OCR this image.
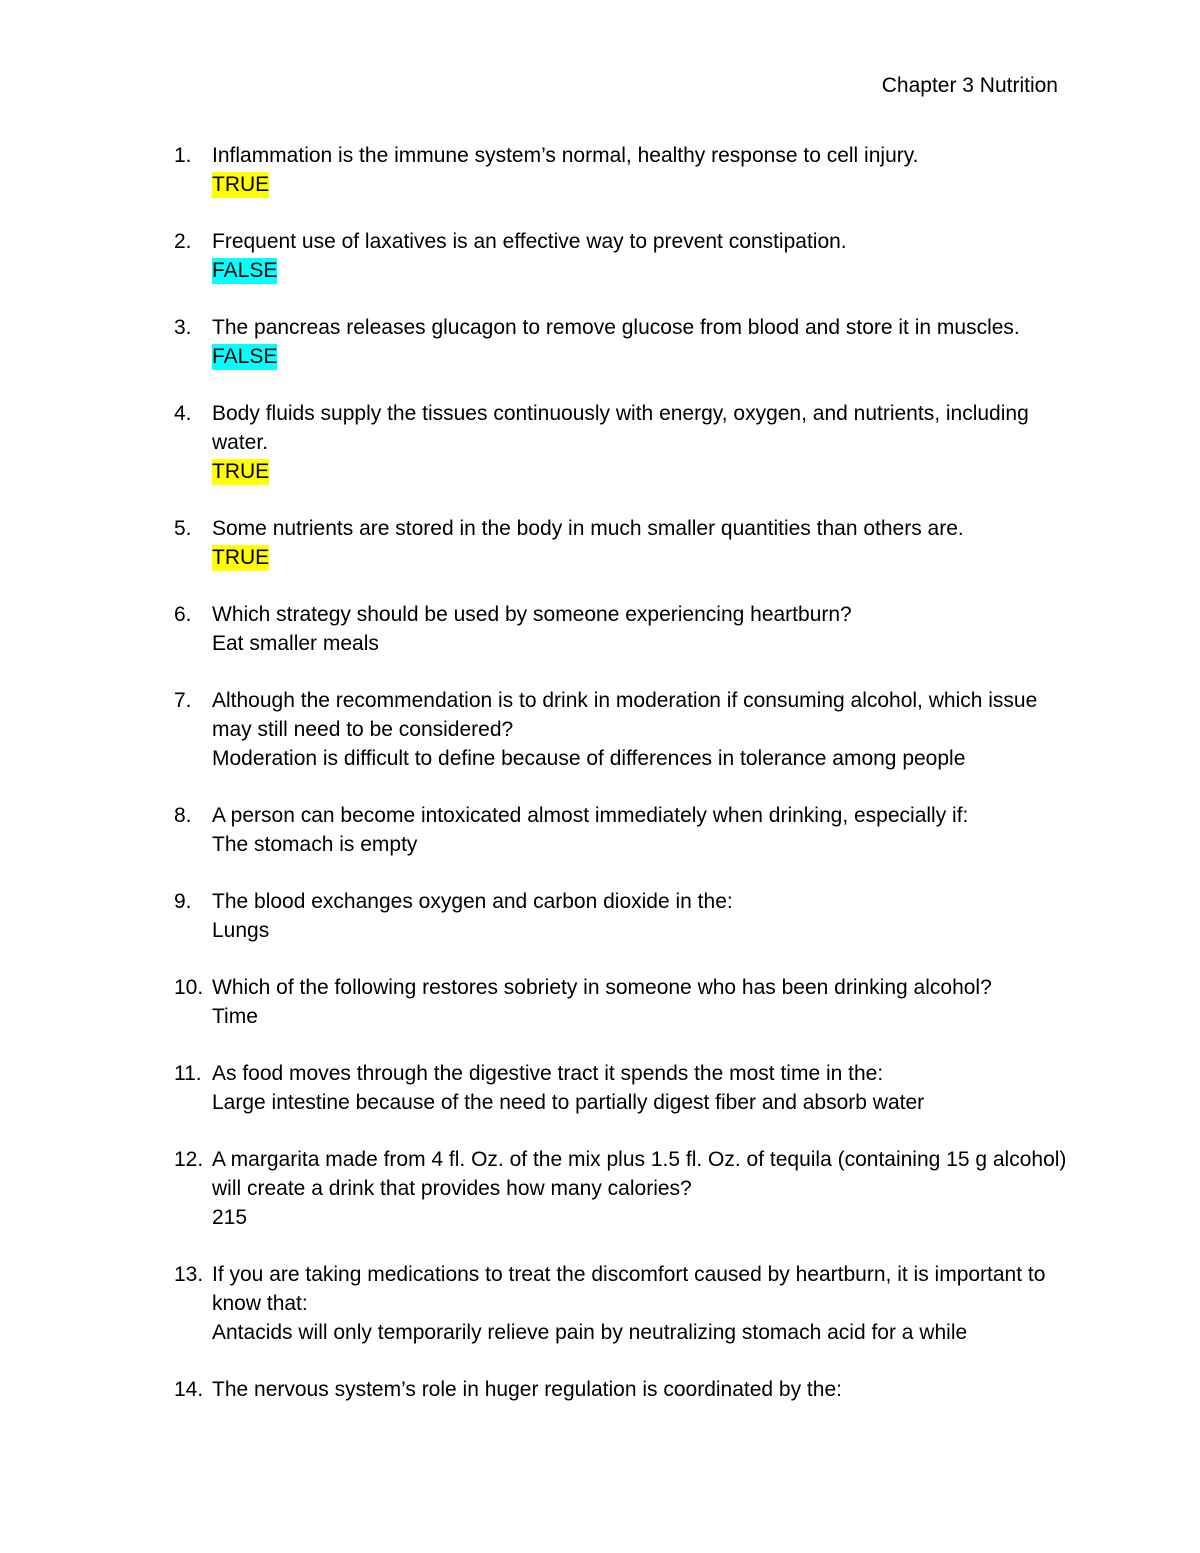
Chapter 3 Nutrition
1. Inflammation is the immune system’s normal, healthy response to cell injury.
TRUE
2. Frequent use of laxatives is an effective way to prevent constipation.
FALSE
3. The pancreas releases glucagon to remove glucose from blood and store it in muscles.
FALSE
4. Body fluids supply the tissues continuously with energy, oxygen, and nutrients, including water.
TRUE
5. Some nutrients are stored in the body in much smaller quantities than others are.
TRUE
6. Which strategy should be used by someone experiencing heartburn?
Eat smaller meals
7. Although the recommendation is to drink in moderation if consuming alcohol, which issue may still need to be considered?
Moderation is difficult to define because of differences in tolerance among people
8. A person can become intoxicated almost immediately when drinking, especially if:
The stomach is empty
9. The blood exchanges oxygen and carbon dioxide in the:
Lungs
10. Which of the following restores sobriety in someone who has been drinking alcohol?
Time
11. As food moves through the digestive tract it spends the most time in the:
Large intestine because of the need to partially digest fiber and absorb water
12. A margarita made from 4 fl. Oz. of the mix plus 1.5 fl. Oz. of tequila (containing 15 g alcohol) will create a drink that provides how many calories?
215
13. If you are taking medications to treat the discomfort caused by heartburn, it is important to know that:
Antacids will only temporarily relieve pain by neutralizing stomach acid for a while
14. The nervous system’s role in huger regulation is coordinated by the:
